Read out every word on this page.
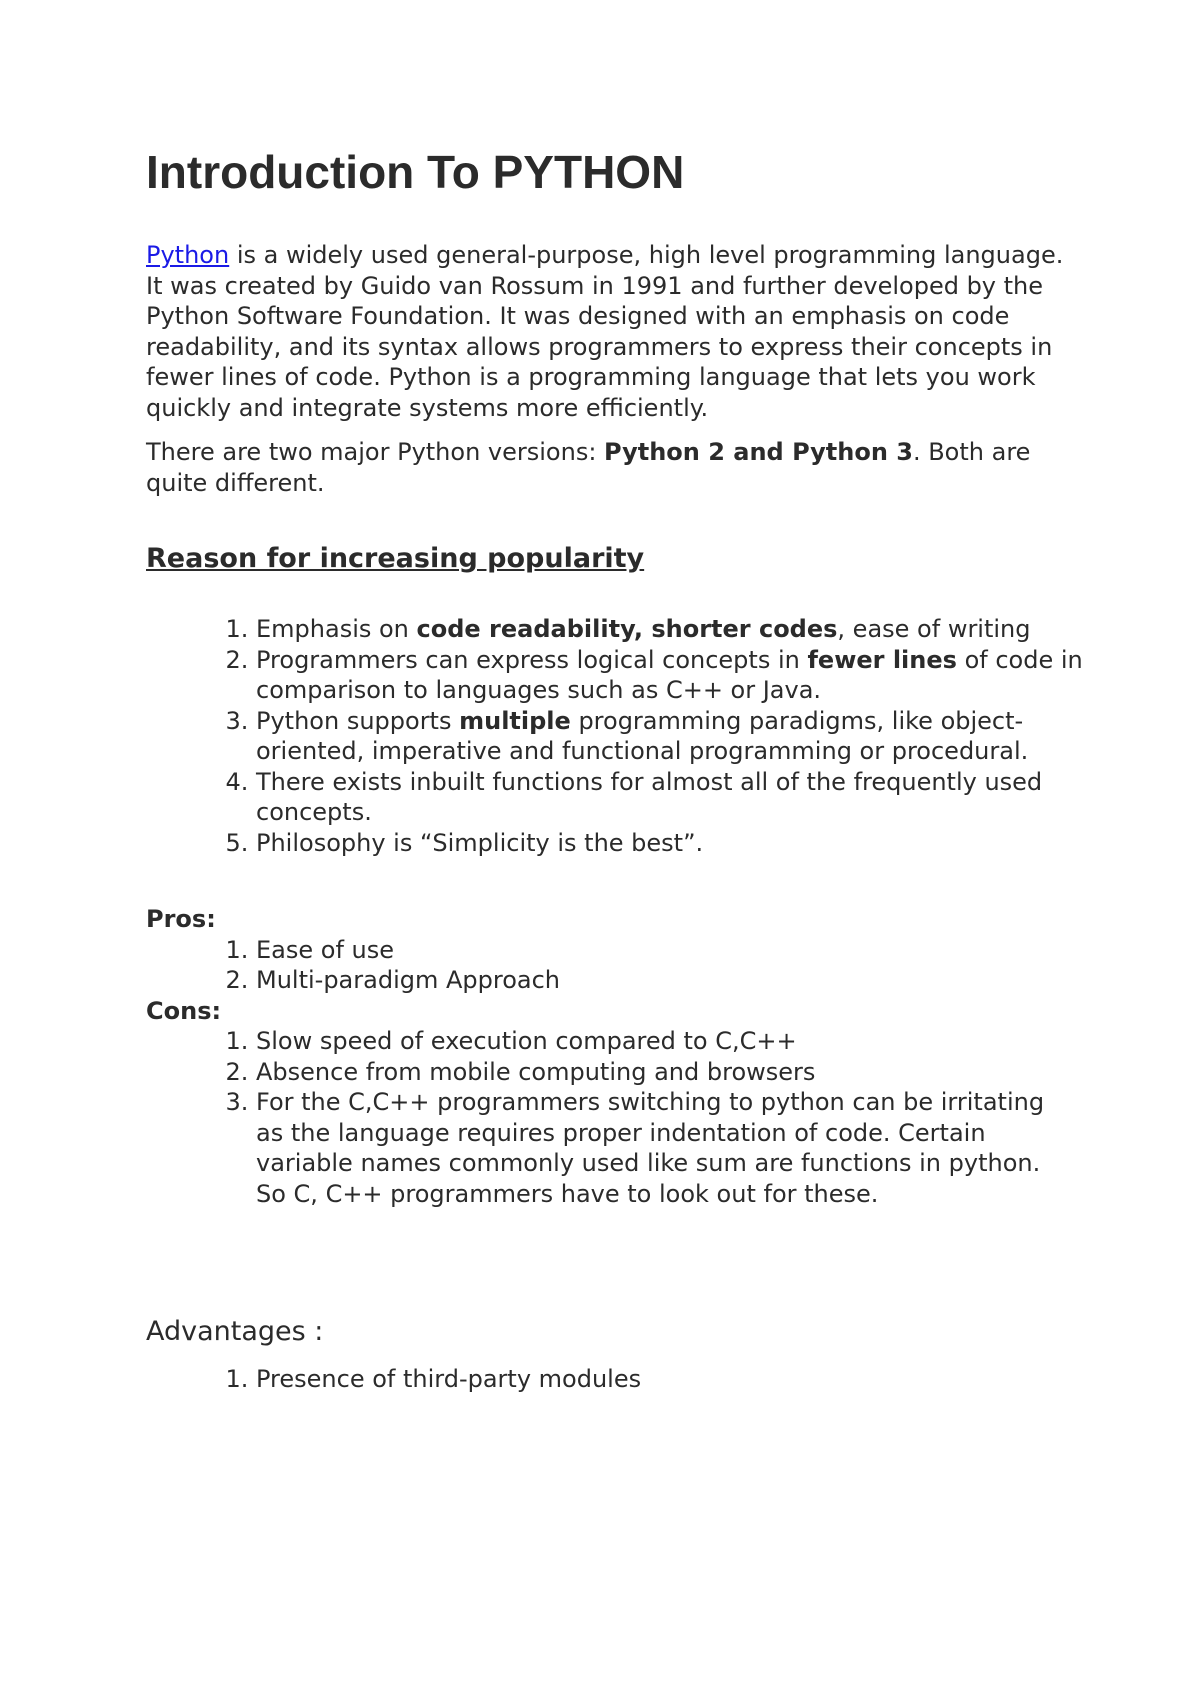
Introduction To PYTHON

Python is a widely used general-purpose, high level programming language. It was created by Guido van Rossum in 1991 and further developed by the Python Software Foundation. It was designed with an emphasis on code readability, and its syntax allows programmers to express their concepts in fewer lines of code. Python is a programming language that lets you work quickly and integrate systems more efficiently.

There are two major Python versions: Python 2 and Python 3. Both are quite different.

Reason for increasing popularity
1. Emphasis on code readability, shorter codes, ease of writing
2. Programmers can express logical concepts in fewer lines of code in comparison to languages such as C++ or Java.
3. Python supports multiple programming paradigms, like object-oriented, imperative and functional programming or procedural.
4. There exists inbuilt functions for almost all of the frequently used concepts.
5. Philosophy is “Simplicity is the best”.

Pros:

1. Ease of use
2. Multi-paradigm Approach

Cons:

1. Slow speed of execution compared to C,C++
2. Absence from mobile computing and browsers
3. For the C,C++ programmers switching to python can be irritating as the language requires proper indentation of code. Certain variable names commonly used like sum are functions in python. So C, C++ programmers have to look out for these.

Advantages :

1. Presence of third-party modules
